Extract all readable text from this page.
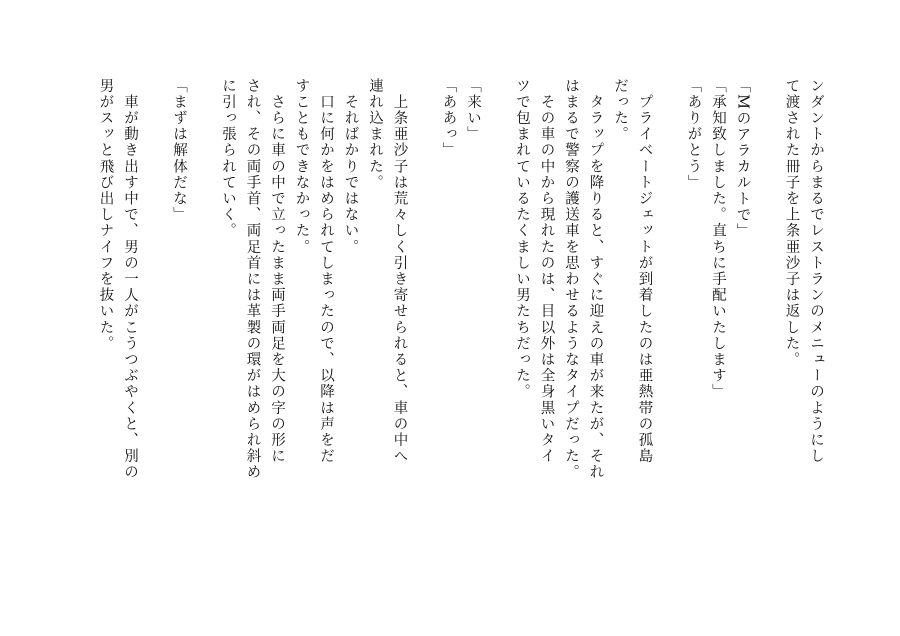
ンダントからまるでレストランのメニューのようにし
て渡された冊子を上条亜沙子は返した。

「Mのアラカルトで」
「承知致しました。直ちに手配いたします」
「ありがとう」

　プライベートジェットが到着したのは亜熱帯の孤島
だった。
　タラップを降りると、すぐに迎えの車が来たが、それ
はまるで警察の護送車を思わせるようなタイプだった。
　その車の中から現れたのは、目以外は全身黒いタイ
ツで包まれているたくましい男たちだった。

「来い」
「ああっ」

　上条亜沙子は荒々しく引き寄せられると、車の中へ
連れ込まれた。
　そればかりではない。
　口に何かをはめられてしまったので、以降は声をだ
すこともできなかった。
　さらに車の中で立ったまま両手両足を大の字の形に
され、その両手首、両足首には革製の環がはめられ斜め
に引っ張られていく。

「まずは解体だな」

　車が動き出す中で、男の一人がこうつぶやくと、別の
男がスッと飛び出しナイフを抜いた。
